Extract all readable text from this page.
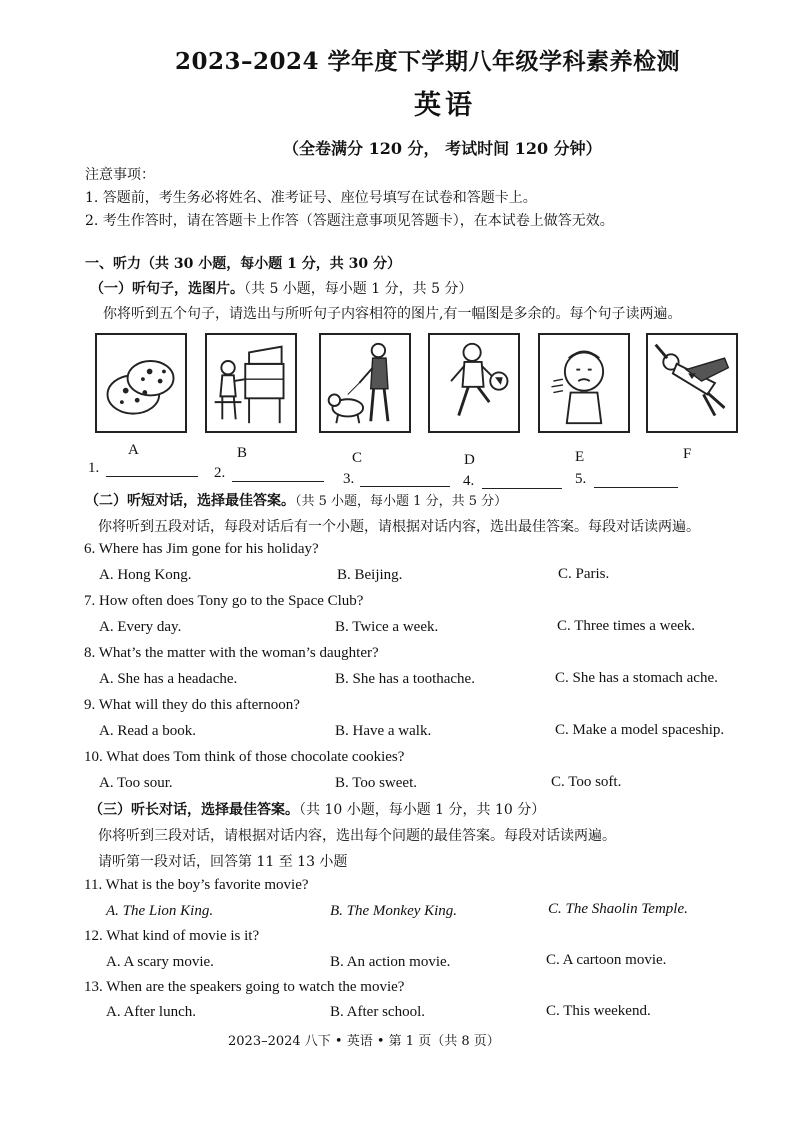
2023–2024 学年度下学期八年级学科素养检测
英语
（全卷满分 120 分， 考试时间 120 分钟）
注意事项：
1. 答题前，考生务必将姓名、准考证号、座位号填写在试卷和答题卡上。
2. 考生作答时，请在答题卡上作答（答题注意事项见答题卡），在本试卷上做答无效。
一、听力（共 30 小题，每小题 1 分，共 30 分）
（一）听句子，选图片。（共 5 小题，每小题 1 分，共 5 分）
你将听到五个句子，请选出与所听句子内容相符的图片,有一幅图是多余的。每个句子读两遍。
A	B	C	D	E	F
1.	2.	3.	4.	5.
（二）听短对话，选择最佳答案。（共 5 小题，每小题 1 分，共 5 分）
你将听到五段对话，每段对话后有一个小题，请根据对话内容，选出最佳答案。每段对话读两遍。
6. Where has Jim gone for his holiday?
A. Hong Kong.	B. Beijing.	C. Paris.
7. How often does Tony go to the Space Club?
A. Every day.	B. Twice a week.	C. Three times a week.
8. What’s the matter with the woman’s daughter?
A. She has a headache.	B. She has a toothache.	C. She has a stomach ache.
9. What will they do this afternoon?
A. Read a book.	B. Have a walk.	C. Make a model spaceship.
10. What does Tom think of those chocolate cookies?
A. Too sour.	B. Too sweet.	C. Too soft.
（三）听长对话，选择最佳答案。（共 10 小题，每小题 1 分，共 10 分）
你将听到三段对话，请根据对话内容，选出每个问题的最佳答案。每段对话读两遍。
请听第一段对话，回答第 11 至 13 小题
11. What is the boy’s favorite movie?
A. The Lion King.	B. The Monkey King.	C. The Shaolin Temple.
12. What kind of movie is it?
A. A scary movie.	B. An action movie.	C. A cartoon movie.
13. When are the speakers going to watch the movie?
A. After lunch.	B. After school.	C. This weekend.
2023–2024 八下 • 英语 • 第 1 页（共 8 页）
